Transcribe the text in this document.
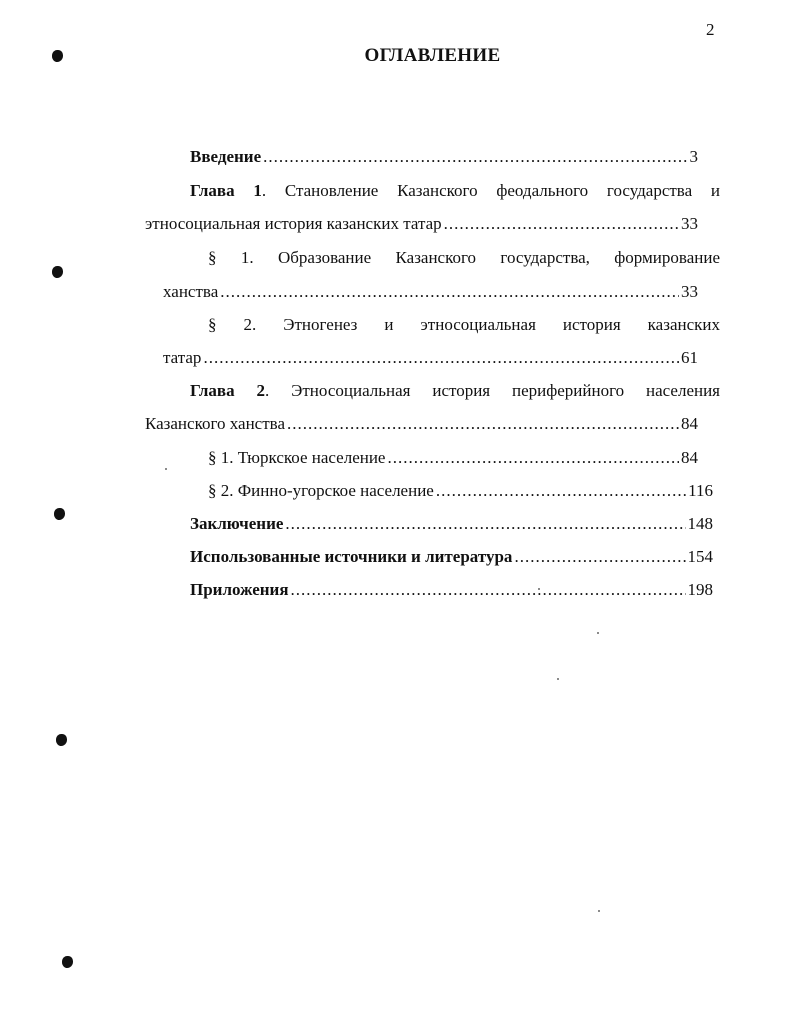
2
ОГЛАВЛЕНИЕ
Введение .....	3
Глава 1. Становление Казанского феодального государства и
этносоциальная история казанских татар .....	33
§ 1. Образование Казанского государства, формирование
ханства .....	33
§ 2. Этногенез и этносоциальная история казанских
татар .....	61
Глава 2. Этносоциальная история периферийного населения
Казанского ханства .....	84
§ 1. Тюркское население .....	84
§ 2. Финно-угорское население .....	116
Заключение .....	148
Использованные источники и литература .....	154
Приложения .....	198
